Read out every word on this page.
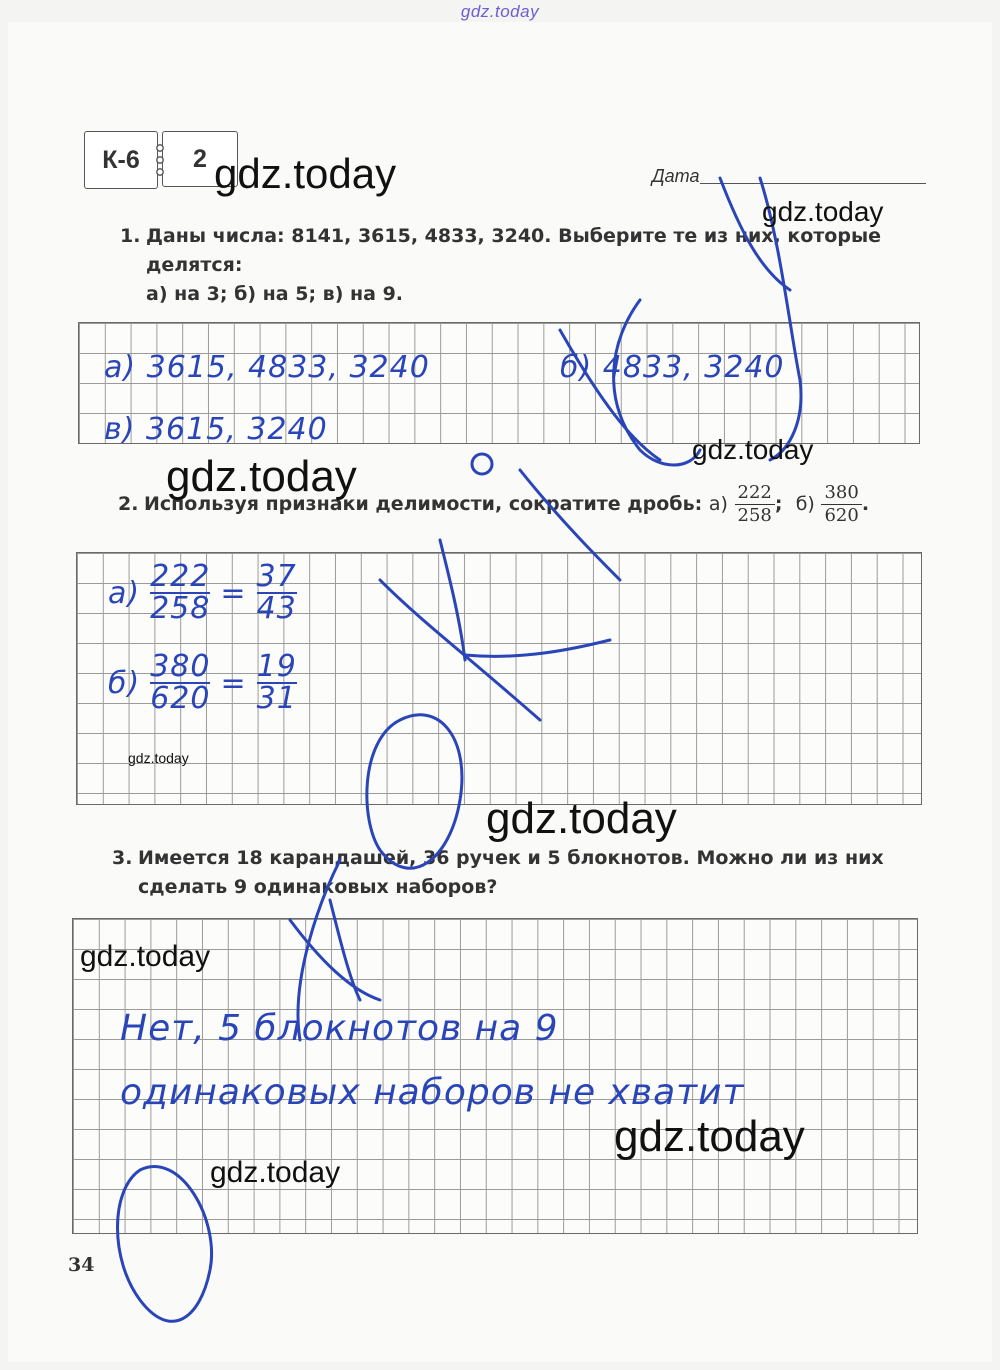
gdz.today
К-6	2
Дата
1. Даны числа: 8141, 3615, 4833, 3240. Выберите те из них, которые
делятся:
а) на 3; б) на 5; в) на 9.
а) 3615, 4833, 3240	б) 4833, 3240
в) 3615, 3240
2. Используя признаки делимости, сократите дробь: $а) \frac{222}{258}$ ; $б) \frac{380}{620}$ .
$а) \frac{222}{258} = \frac{37}{43}$
$б) \frac{380}{620} = \frac{19}{31}$
3. Имеется 18 карандашей, 36 ручек и 5 блокнотов. Можно ли из них
сделать 9 одинаковых наборов?
Нет, 5 блокнотов на 9
одинаковых наборов не хватит
34
gdz.today
gdz.today
gdz.today
gdz.today
gdz.today
gdz.today
gdz.today
gdz.today
gdz.today
